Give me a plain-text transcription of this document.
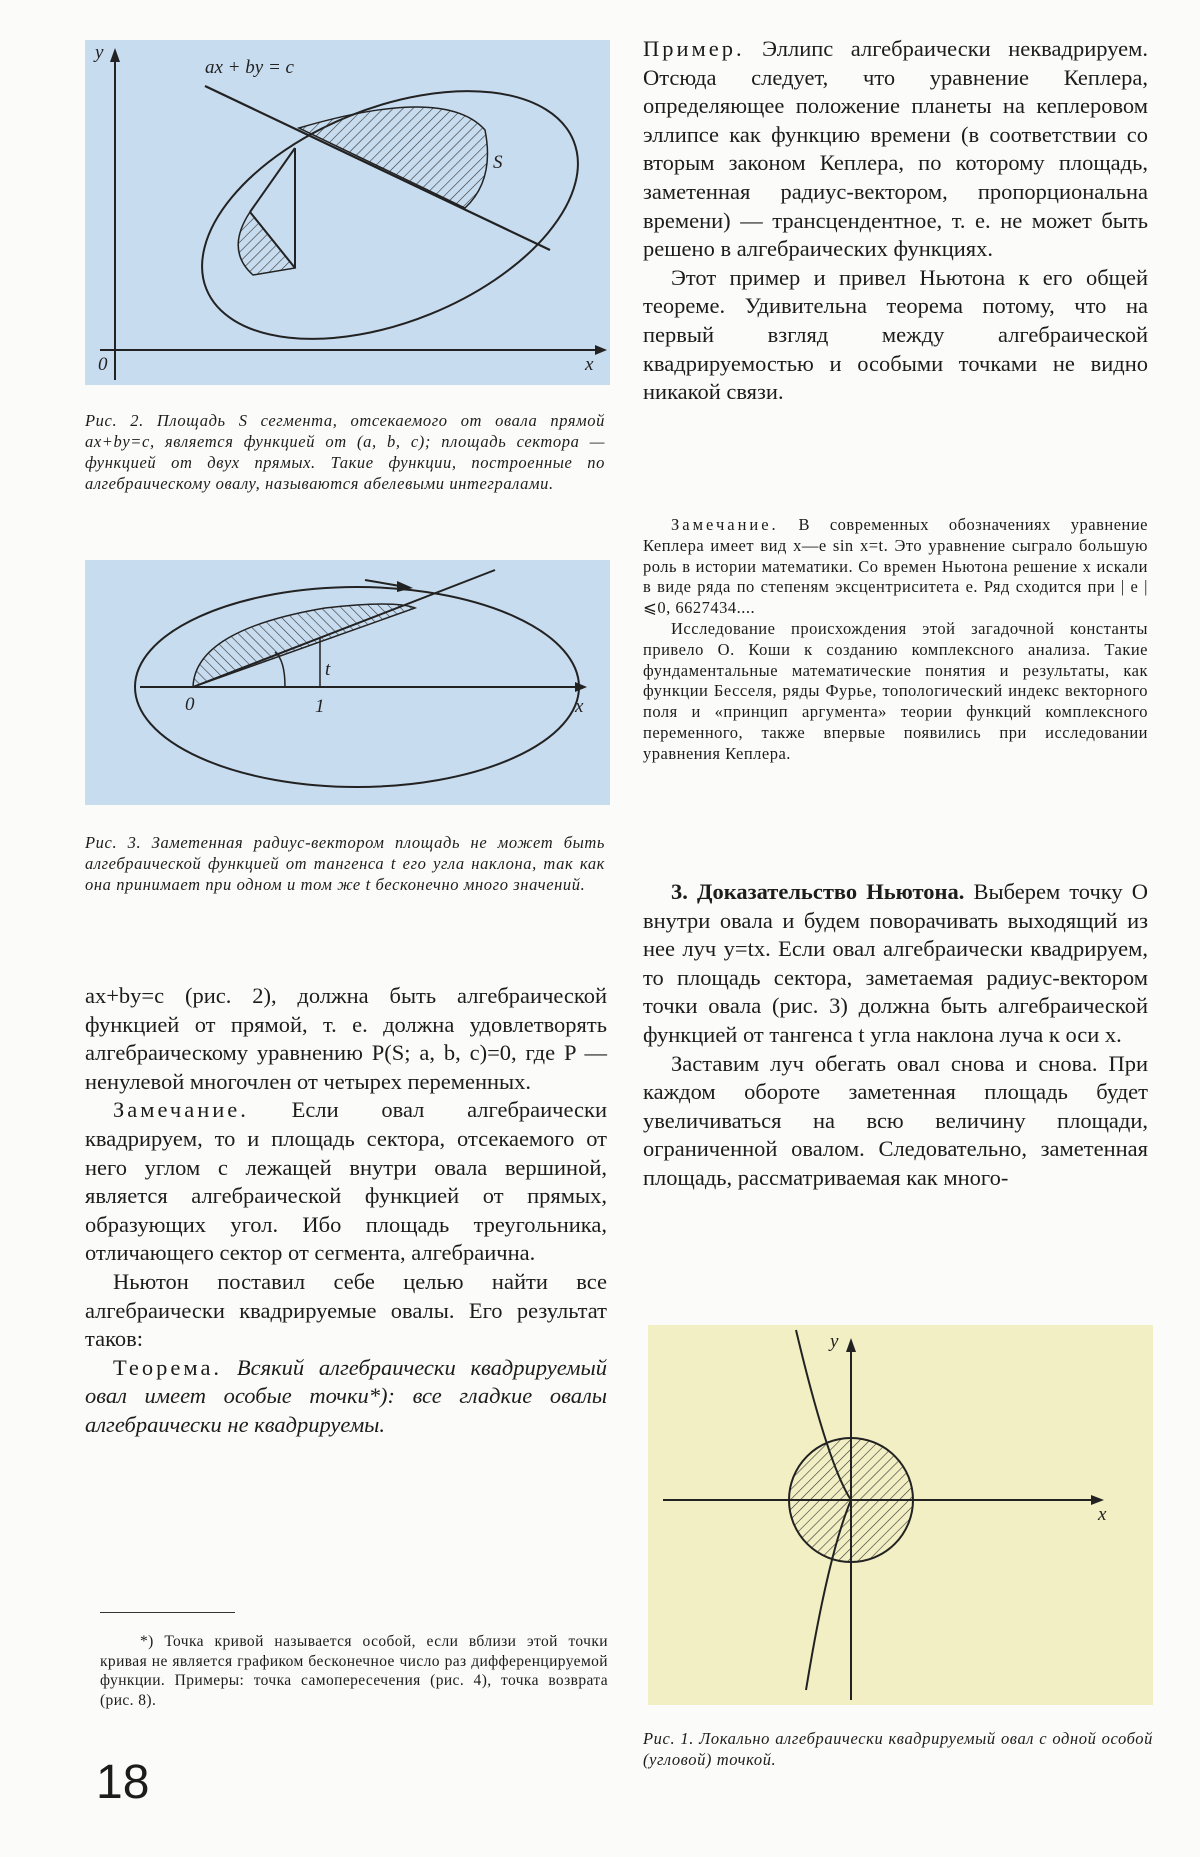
y
x
0
ax + by = c
S
Рис. 2. Площадь S сегмента, отсекаемого от овала прямой ax+by=c, является функцией от (a, b, c); площадь сектора — функцией от двух прямых. Такие функции, построенные по алгебраическому овалу, называются абелевыми интегралами.
t
0	1	x
Рис. 3. Заметенная радиус-вектором площадь не может быть алгебраической функцией от тангенса t его угла наклона, так как она принимает при одном и том же t бесконечно много значений.

ax+by=c (рис. 2), должна быть алгебраической функцией от прямой, т. е. должна удовлетворять алгебраическому уравнению P(S; a, b, c)=0, где P — ненулевой многочлен от четырех переменных.

Замечание. Если овал алгебраически квадрируем, то и площадь сектора, отсекаемого от него углом с лежащей внутри овала вершиной, является алгебраической функцией от прямых, образующих угол. Ибо площадь треугольника, отличающего сектор от сегмента, алгебраична.

Ньютон поставил себе целью найти все алгебраически квадрируемые овалы. Его результат таков:

Теорема. Всякий алгебраически квадрируемый овал имеет особые точки*): все гладкие овалы алгебраически не квадрируемы.

*) Точка кривой называется особой, если вблизи этой точки кривая не является графиком бесконечное число раз дифференцируемой функции. Примеры: точка самопересечения (рис. 4), точка возврата (рис. 8).
18

Пример. Эллипс алгебраически неквадрируем. Отсюда следует, что уравнение Кеплера, определяющее положение планеты на кеплеровом эллипсе как функцию времени (в соответствии со вторым законом Кеплера, по которому площадь, заметенная радиус-вектором, пропорциональна времени) — трансцендентное, т. е. не может быть решено в алгебраических функциях.

Этот пример и привел Ньютона к его общей теореме. Удивительна теорема потому, что на первый взгляд между алгебраической квадрируемостью и особыми точками не видно никакой связи.

Замечание. В современных обозначениях уравнение Кеплера имеет вид x—e sin x=t. Это уравнение сыграло большую роль в истории математики. Со времен Ньютона решение x искали в виде ряда по степеням эксцентриситета e. Ряд сходится при | e | ⩽0, 6627434....

Исследование происхождения этой загадочной константы привело О. Коши к созданию комплексного анализа. Такие фундаментальные математические понятия и результаты, как функции Бесселя, ряды Фурье, топологический индекс векторного поля и «принцип аргумента» теории функций комплексного переменного, также впервые появились при исследовании уравнения Кеплера.

3. Доказательство Ньютона. Выберем точку O внутри овала и будем поворачивать выходящий из нее луч y=tx. Если овал алгебраически квадрируем, то площадь сектора, заметаемая радиус-вектором точки овала (рис. 3) должна быть алгебраической функцией от тангенса t угла наклона луча к оси x.

Заставим луч обегать овал снова и снова. При каждом обороте заметенная площадь будет увеличиваться на всю величину площади, ограниченной овалом. Следовательно, заметенная площадь, рассматриваемая как много-

y
x
Рис. 1. Локально алгебраически квадрируемый овал с одной особой (угловой) точкой.
